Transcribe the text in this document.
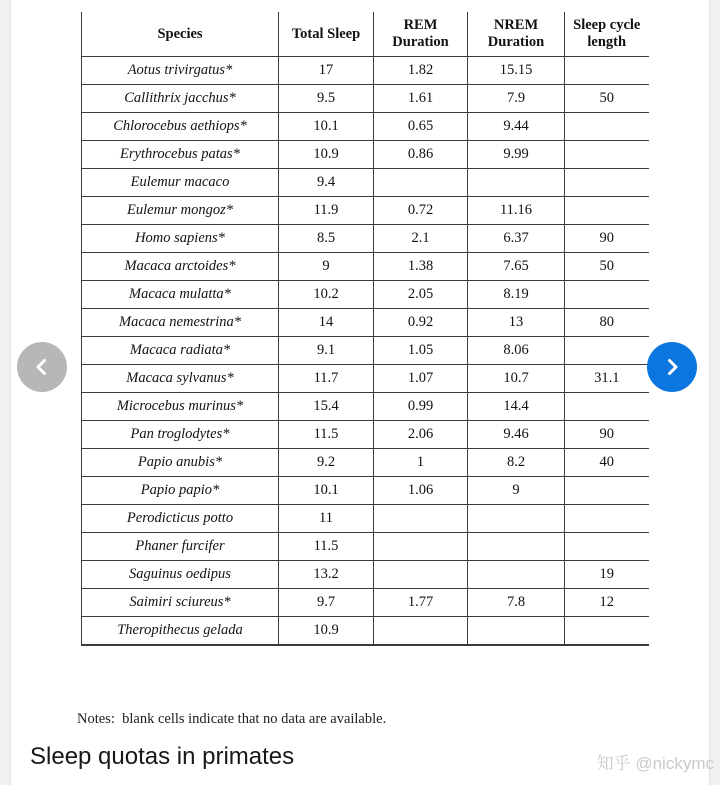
Species	Total Sleep	REM Duration	NREM Duration	Sleep cycle length
Aotus trivirgatus*	17	1.82	15.15	
Callithrix jacchus*	9.5	1.61	7.9	50
Chlorocebus aethiops*	10.1	0.65	9.44	
Erythrocebus patas*	10.9	0.86	9.99	
Eulemur macaco	9.4			
Eulemur mongoz*	11.9	0.72	11.16	
Homo sapiens*	8.5	2.1	6.37	90
Macaca arctoides*	9	1.38	7.65	50
Macaca mulatta*	10.2	2.05	8.19	
Macaca nemestrina*	14	0.92	13	80
Macaca radiata*	9.1	1.05	8.06	
Macaca sylvanus*	11.7	1.07	10.7	31.1
Microcebus murinus*	15.4	0.99	14.4	
Pan troglodytes*	11.5	2.06	9.46	90
Papio anubis*	9.2	1	8.2	40
Papio papio*	10.1	1.06	9	
Perodicticus potto	11			
Phaner furcifer	11.5			
Saguinus oedipus	13.2			19
Saimiri sciureus*	9.7	1.77	7.8	12
Theropithecus gelada	10.9			

Notes:  blank cells indicate that no data are available.

Sleep quotas in primates	知乎 @nickymc
